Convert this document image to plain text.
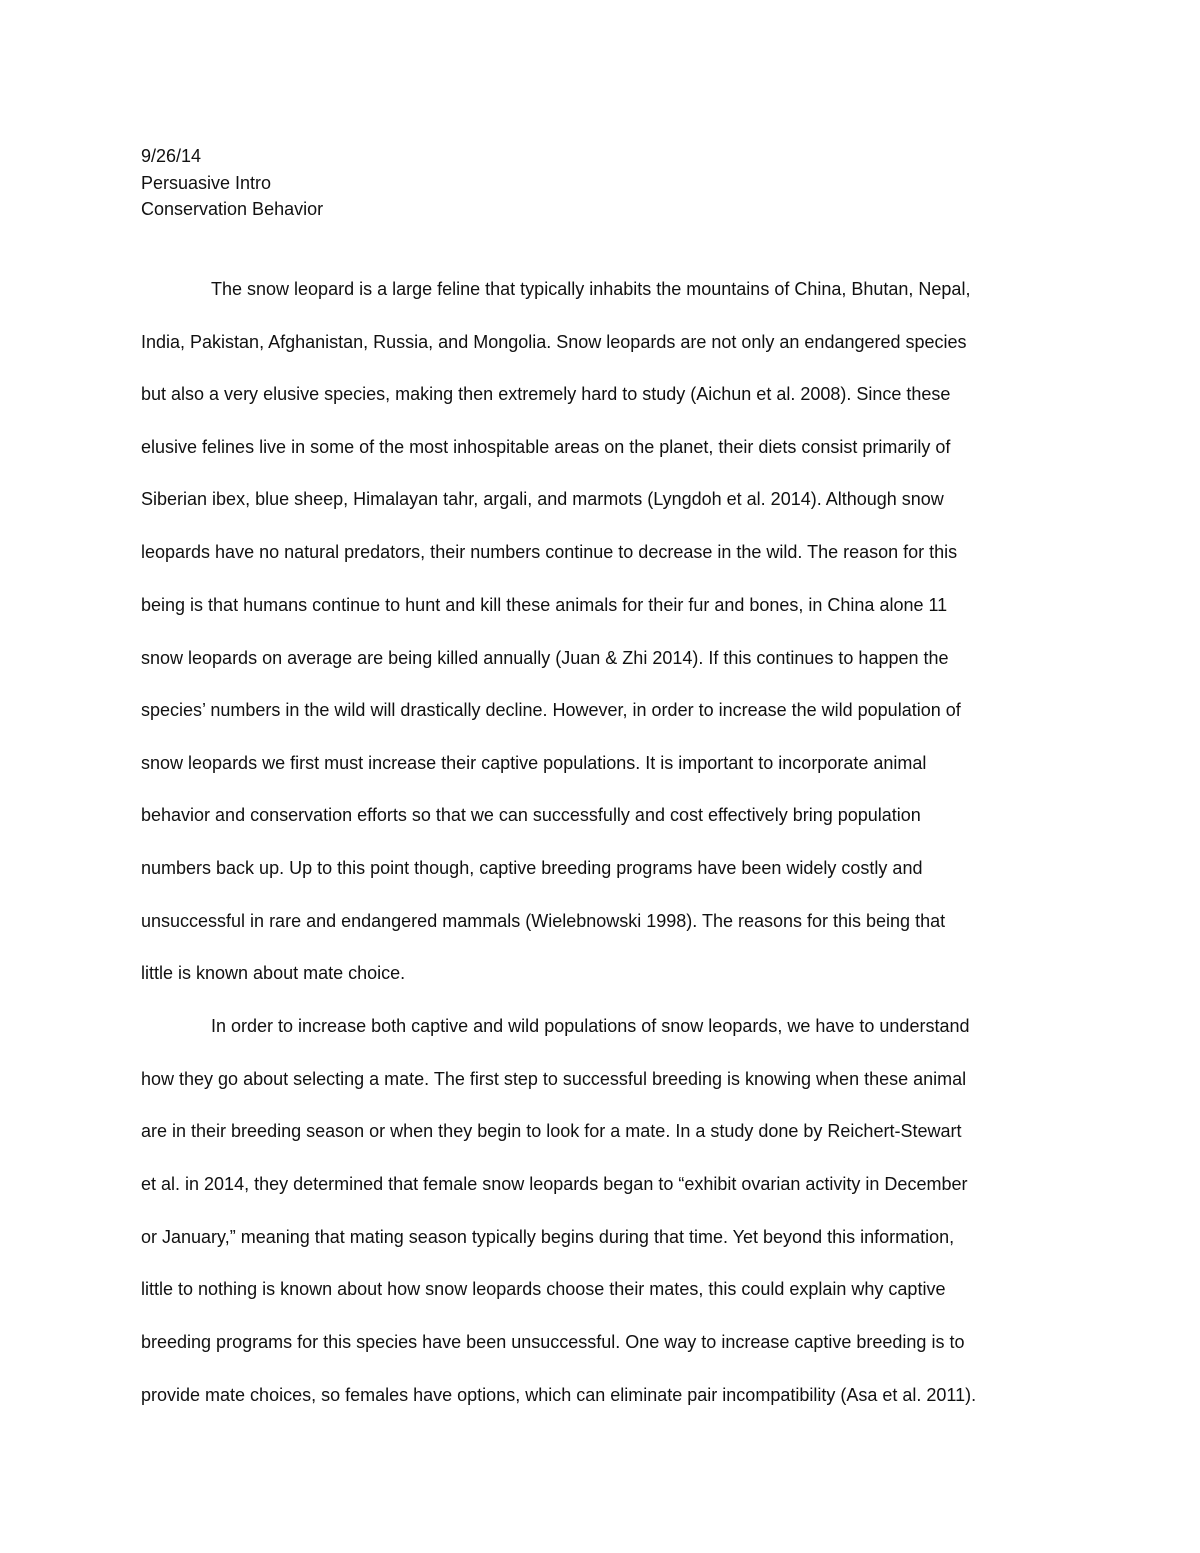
9/26/14
Persuasive Intro
Conservation Behavior
The snow leopard is a large feline that typically inhabits the mountains of China, Bhutan, Nepal,
India, Pakistan, Afghanistan, Russia, and Mongolia. Snow leopards are not only an endangered species
but also a very elusive species, making then extremely hard to study (Aichun et al. 2008). Since these
elusive felines live in some of the most inhospitable areas on the planet, their diets consist primarily of
Siberian ibex, blue sheep, Himalayan tahr, argali, and marmots (Lyngdoh et al. 2014). Although snow
leopards have no natural predators, their numbers continue to decrease in the wild. The reason for this
being is that humans continue to hunt and kill these animals for their fur and bones, in China alone 11
snow leopards on average are being killed annually (Juan & Zhi 2014). If this continues to happen the
species’ numbers in the wild will drastically decline. However, in order to increase the wild population of
snow leopards we first must increase their captive populations. It is important to incorporate animal
behavior and conservation efforts so that we can successfully and cost effectively bring population
numbers back up. Up to this point though, captive breeding programs have been widely costly and
unsuccessful in rare and endangered mammals (Wielebnowski 1998). The reasons for this being that
little is known about mate choice.
In order to increase both captive and wild populations of snow leopards, we have to understand
how they go about selecting a mate. The first step to successful breeding is knowing when these animal
are in their breeding season or when they begin to look for a mate. In a study done by Reichert-Stewart
et al. in 2014, they determined that female snow leopards began to “exhibit ovarian activity in December
or January,” meaning that mating season typically begins during that time. Yet beyond this information,
little to nothing is known about how snow leopards choose their mates, this could explain why captive
breeding programs for this species have been unsuccessful. One way to increase captive breeding is to
provide mate choices, so females have options, which can eliminate pair incompatibility (Asa et al. 2011).
